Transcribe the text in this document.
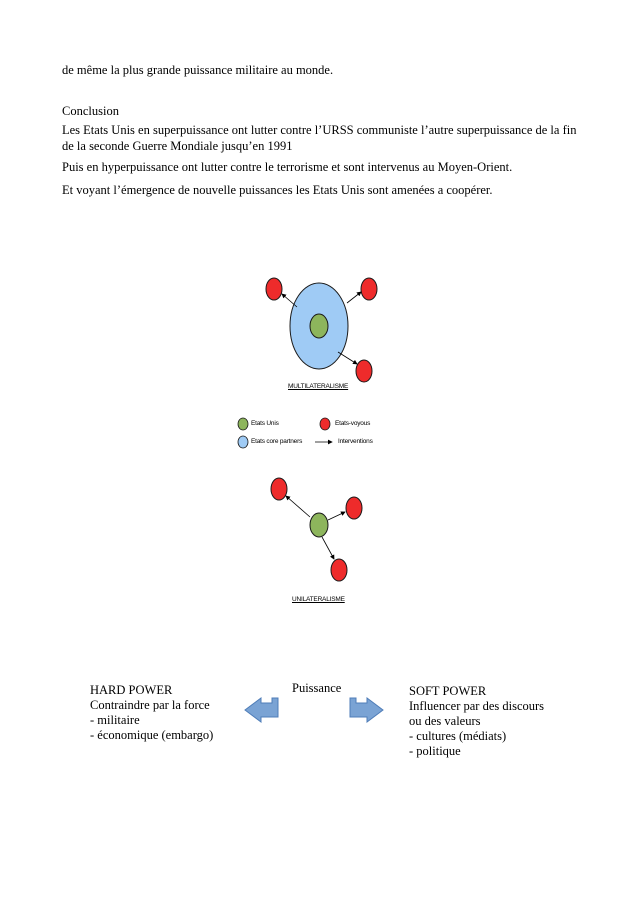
de même la plus grande puissance militaire au monde.

Conclusion

Les Etats Unis en superpuissance ont lutter contre l’URSS communiste l’autre superpuissance de la fin de la seconde Guerre Mondiale jusqu’en 1991

Puis en hyperpuissance ont lutter contre le terrorisme et sont intervenus au Moyen-Orient.

Et voyant l’émergence de nouvelle puissances les Etats Unis sont amenées a coopérer.

MULTILATERALISME
Etats Unis	Etats-voyous
Etats core partners	Interventions
UNILATERALISME
Puissance
HARD POWER
Contraindre par la force
- militaire
- économique (embargo)
SOFT POWER
Influencer par des discours
ou des valeurs
- cultures (médiats)
- politique
